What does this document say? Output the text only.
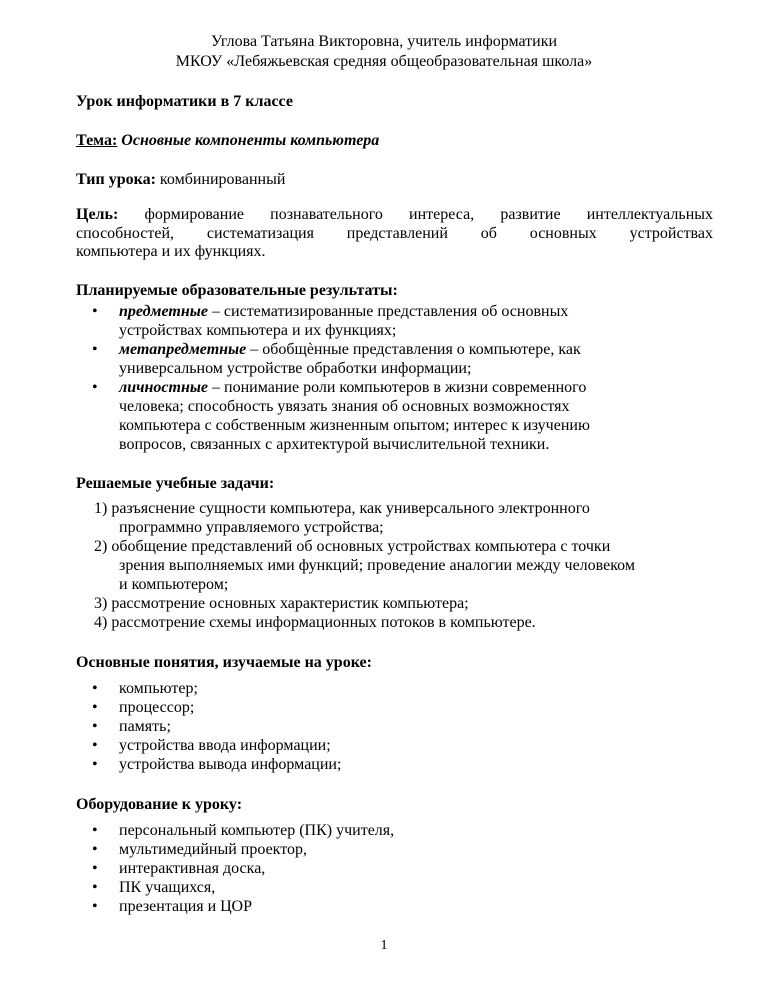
Углова Татьяна Викторовна, учитель информатики
МКОУ «Лебяжьевская средняя общеобразовательная школа»
Урок информатики в 7 классе
Тема: Основные компоненты компьютера
Тип урока: комбинированный
Цель: формирование познавательного интереса, развитие интеллектуальных
способностей, систематизация представлений об основных устройствах
компьютера и их функциях.
Планируемые образовательные результаты:
• предметные – систематизированные представления об основных
устройствах компьютера и их функциях;
• метапредметные – обобщѐнные представления о компьютере, как
универсальном устройстве обработки информации;
• личностные – понимание роли компьютеров в жизни современного
человека; способность увязать знания об основных возможностях
компьютера с собственным жизненным опытом; интерес к изучению
вопросов, связанных с архитектурой вычислительной техники.
Решаемые учебные задачи:
1) разъяснение сущности компьютера, как универсального электронного
программно управляемого устройства;
2) обобщение представлений об основных устройствах компьютера с точки
зрения выполняемых ими функций; проведение аналогии между человеком
и компьютером;
3) рассмотрение основных характеристик компьютера;
4) рассмотрение схемы информационных потоков в компьютере.
Основные понятия, изучаемые на уроке:
• компьютер;
• процессор;
• память;
• устройства ввода информации;
• устройства вывода информации;
Оборудование к уроку:
• персональный компьютер (ПК) учителя,
• мультимедийный проектор,
• интерактивная доска,
• ПК учащихся,
• презентация и ЦОР
1
